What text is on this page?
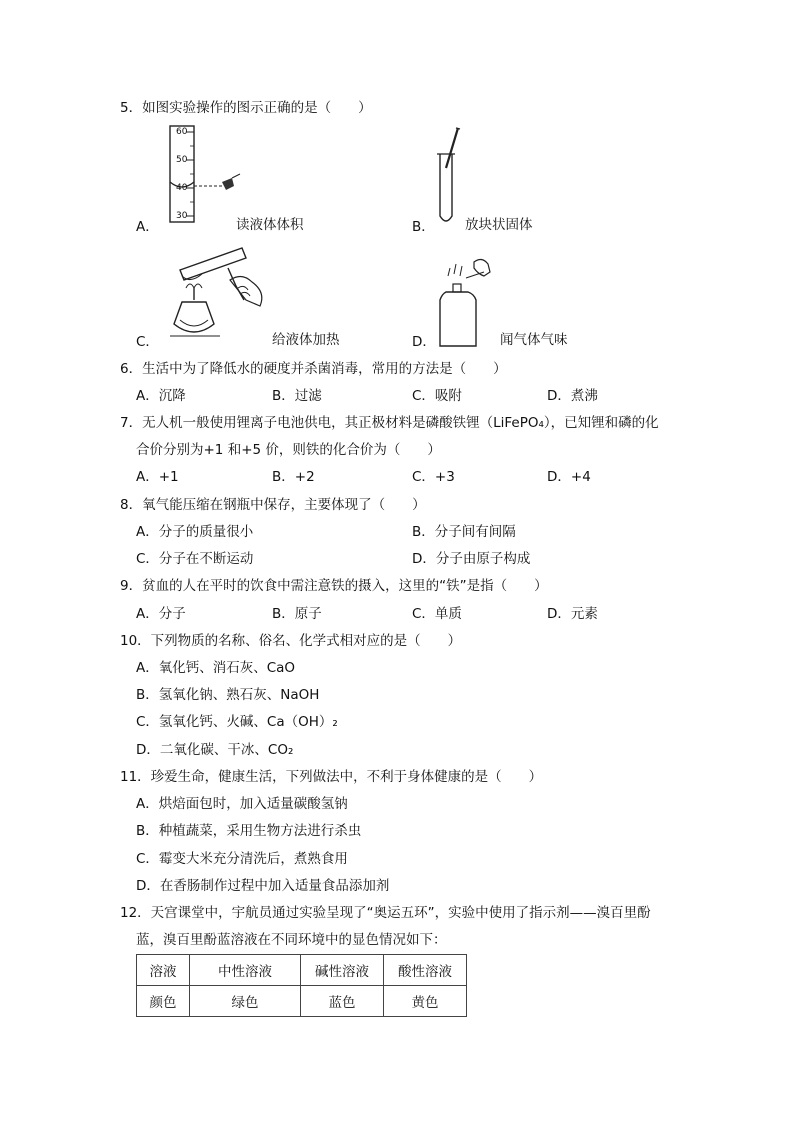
5．如图实验操作的图示正确的是（　　）
60
50
40
30
A．	读液体体积	B． 放块状固体
C．	给液体加热	D．	闻气体气味
6．生活中为了降低水的硬度并杀菌消毒，常用的方法是（　　）
A．沉降	B．过滤	C．吸附	D．煮沸
7．无人机一般使用锂离子电池供电，其正极材料是磷酸铁锂（LiFePO₄），已知锂和磷的化
合价分别为+1 和+5 价，则铁的化合价为（　　）
A．+1	B．+2	C．+3	D．+4
8．氧气能压缩在钢瓶中保存，主要体现了（　　）
A．分子的质量很小	B．分子间有间隔
C．分子在不断运动	D．分子由原子构成
9．贫血的人在平时的饮食中需注意铁的摄入，这里的“铁”是指（　　）
A．分子	B．原子	C．单质	D．元素
10．下列物质的名称、俗名、化学式相对应的是（　　）
A．氧化钙、消石灰、CaO
B．氢氧化钠、熟石灰、NaOH
C．氢氧化钙、火碱、Ca（OH）₂
D．二氧化碳、干冰、CO₂
11．珍爱生命，健康生活，下列做法中，不利于身体健康的是（　　）
A．烘焙面包时，加入适量碳酸氢钠
B．种植蔬菜，采用生物方法进行杀虫
C．霉变大米充分清洗后，煮熟食用
D．在香肠制作过程中加入适量食品添加剂
12．天宫课堂中，宇航员通过实验呈现了“奥运五环”，实验中使用了指示剂——溴百里酚
蓝，溴百里酚蓝溶液在不同环境中的显色情况如下：
溶液	中性溶液	碱性溶液	酸性溶液
颜色	绿色	蓝色	黄色
